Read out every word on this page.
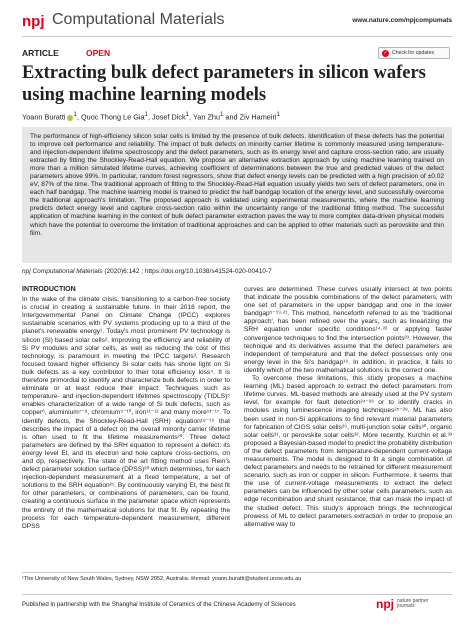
npj Computational Materials	www.nature.com/npjcompumats
ARTICLE	OPEN	✓ Check for updates
Extracting bulk defect parameters in silicon wafers using machine learning models
Yoann Buratti $^1$, Quoc Thong Le Gia$^1$, Josef Dick$^1$, Yan Zhu$^1$ and Ziv Hameiri$^1$

The performance of high-efficiency silicon solar cells is limited by the presence of bulk defects. Identification of these defects has the potential to improve cell performance and reliability. The impact of bulk defects on minority carrier lifetime is commonly measured using temperature- and injection-dependent lifetime spectroscopy and the defect parameters, such as its energy level and capture cross-section ratio, are usually extracted by fitting the Shockley-Read-Hall equation. We propose an alternative extraction approach by using machine learning trained on more than a million simulated lifetime curves, achieving coefficient of determinations between the true and predicted values of the defect parameters above 99%. In particular, random forest regressors, show that defect energy levels can be predicted with a high precision of ±0.02 eV, 87% of the time. The traditional approach of fitting to the Shockley-Read-Hall equation usually yields two sets of defect parameters, one in each half bandgap. The machine learning model is trained to predict the half bandgap location of the energy level, and successfully overcome the traditional approach's limitation. The proposed approach is validated using experimental measurements, where the machine learning predicts defect energy level and capture cross-section ratio within the uncertainty range of the traditional fitting method. The successful application of machine learning in the context of bulk defect parameter extraction paves the way to more complex data-driven physical models which have the potential to overcome the limitation of traditional approaches and can be applied to other materials such as perovskite and thin film.

npj Computational Materials (2020)6:142 ; https://doi.org/10.1038/s41524-020-00410-7
INTRODUCTION

In the wake of the climate crisis, transitioning to a carbon-free society is crucial in creating a sustainable future. In their 2018 report, the Intergovernmental Panel on Climate Change (IPCC) explores sustainable scenarios with PV systems producing up to a third of the planet's renewable energy¹. Today's most prominent PV technology is silicon (Si) based solar cells². Improving the efficiency and reliability of Si PV modules and solar cells, as well as reducing the cost of this technology, is paramount in meeting the IPCC targets³. Research focused toward higher efficiency Si solar cells has shone light on Si bulk defects as a key contributor to their total efficiency loss⁴. It is therefore primordial to identify and characterize bulk defects in order to eliminate or at least reduce their impact. Techniques such as temperature- and injection-dependent lifetimes spectroscopy (TIDLS)⁵ enables characterization of a wide range of Si bulk defects, such as copper⁶, aluminium⁷⁻⁸, chromium⁹⁻¹⁰, iron¹¹⁻¹² and many more¹³⁻¹⁷. To identify defects, the Shockley-Read-Hall (SRH) equation¹⁸⁻¹⁹ that describes the impact of a defect on the overall minority carrier lifetime is often used to fit the lifetime measurements²⁰. Three defect parameters are defined by the SRH equation to represent a defect: its energy level Et, and its electron and hole capture cross-sections, σn and σp, respectively. The state of the art fitting method uses Rein's defect parameter solution surface (DPSS)²⁰ which determines, for each injection-dependent measurement at a fixed temperature, a set of solutions to the SRH equation²¹. By continuously varying Et, the best fit for other parameters, or combinations of parameters, can be found, creating a continuous surface in the parameter space which represents the entirety of the mathematical solutions for that fit. By repeating the process for each temperature-dependent measurement, different DPSS

curves are determined. These curves usually intersect at two points that indicate the possible combinations of the defect parameters, with one set of parameters in the upper bandgap and one in the lower bandgap⁵⁻¹⁹·²¹. This method, henceforth referred to as the 'traditional approach', has been refined over the years, such as linearizing the SRH equation under specific conditions¹⁴·²² or applying faster convergence techniques to find the intersection points²³. However, the technique and its derivatives assume that the defect parameters are independent of temperature and that the defect possesses only one energy level in the Si's bandgap¹⁹. In addition, in practice, it fails to identify which of the two mathematical solutions is the correct one.

To overcome these limitations, this study proposes a machine learning (ML) based approach to extract the defect parameters from lifetime curves. ML-based methods are already used at the PV system level, for example for fault detection²⁴⁻²⁶ or to identify cracks in modules using luminescence imaging techniques²⁵⁻²⁸. ML has also been used in non-Si applications to find relevant material parameters for fabrication of CIGS solar cells²⁹, multi-junction solar cells³⁰, organic solar cells³¹, or perovskite solar cells³². More recently, Kurchin et al.³³ proposed a Bayesian-based model to predict the probability distribution of the defect parameters from temperature-dependent current-voltage measurements. The model is designed to fit a single combination of defect parameters and needs to be retrained for different measurement scenario, such as iron or copper in silicon. Furthermore, it seems that the use of current-voltage measurements to extract the defect parameters can be influenced by other solar cells parameters, such as edge recombination and shunt resistance, that can mask the impact of the studied defect. This study's approach brings the technological prowess of ML to defect parameters extraction in order to propose an alternative way to

¹The University of New South Wales, Sydney, NSW 2052, Australia. ✉email: yoann.buratti@student.unsw.edu.au
Published in partnership with the Shanghai Institute of Ceramics of the Chinese Academy of Sciences	npj nature partner
journals
